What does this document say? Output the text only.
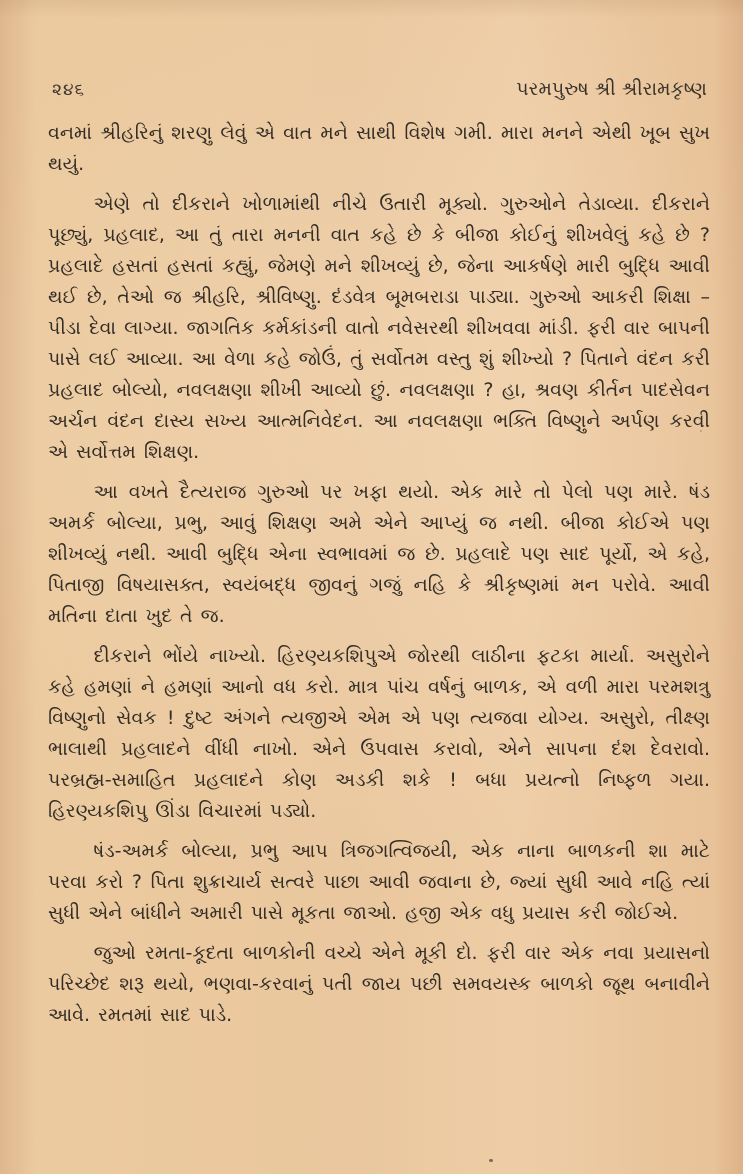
૨૪૬	પરમપુરુષ શ્રી શ્રીરામકૃષ્ણ

વનમાં શ્રીહરિનું શરણુ લેવું એ વાત મને સાથી વિશેષ ગમી. મારા મનને એથી ખૂબ સુખ થયું.

એણે તો દીકરાને ખોળામાંથી નીચે ઉતારી મૂક્યો. ગુરુઓને તેડાવ્યા. દીકરાને પૂછ્યું, પ્રહલાદ, આ તું તારા મનની વાત કહે છે કે બીજા કોઈનું શીખવેલું કહે છે ? પ્રહલાદે હસતાં હસતાં કહ્યું, જેમણે મને શીખવ્યું છે, જેના આકર્ષણે મારી બુદ્ધિ આવી થઈ છે, તેઓ જ શ્રીહરિ, શ્રીવિષ્ણુ. દંડવેત્ર બૂમબરાડા પાડ્યા. ગુરુઓ આકરી શિક્ષા – પીડા દેવા લાગ્યા. જાગતિક કર્મકાંડની વાતો નવેસરથી શીખવવા માંડી. ફરી વાર બાપની પાસે લઈ આવ્યા. આ વેળા કહે જોઉં, તું સર્વોતમ વસ્તુ શું શીખ્યો ? પિતાને વંદન કરી પ્રહલાદ બોલ્યો, નવલક્ષણા શીખી આવ્યો છું. નવલક્ષણા ? હા, શ્રવણ કીર્તન પાદસેવન અર્ચન વંદન દાસ્ય સખ્ય આત્મનિવેદન. આ નવલક્ષણા ભક્તિ વિષ્ણુને અર્પણ કરવી એ સર્વોત્તમ શિક્ષણ.

આ વખતે દૈત્યરાજ ગુરુઓ પર ખફા થયો. એક મારે તો પેલો પણ મારે. ષંડ અમર્ક બોલ્યા, પ્રભુ, આવું શિક્ષણ અમે એને આપ્યું જ નથી. બીજા કોઈએ પણ શીખવ્યું નથી. આવી બુદ્ધિ એના સ્વભાવમાં જ છે. પ્રહલાદે પણ સાદ પૂર્યો, એ કહે, પિતાજી વિષયાસક્ત, સ્વયંબદ્ધ જીવનું ગજું નહિ કે શ્રીકૃષ્ણમાં મન પરોવે. આવી મતિના દાતા ખુદ તે જ.

દીકરાને ભોંયે નાખ્યો. હિરણ્યકશિપુએ જોરથી લાઠીના ફટકા માર્યા. અસુરોને કહે હમણાં ને હમણાં આનો વધ કરો. માત્ર પાંચ વર્ષનું બાળક, એ વળી મારા પરમશત્રુ વિષ્ણુનો સેવક ! દુષ્ટ અંગને ત્યજીએ એમ એ પણ ત્યજવા યોગ્ય. અસુરો, તીક્ષ્ણ ભાલાથી પ્રહલાદને વીંધી નાખો. એને ઉપવાસ કરાવો, એને સાપના દંશ દેવરાવો. પરબ્રહ્મ-સમાહિત પ્રહલાદને કોણ અડકી શકે ! બધા પ્રયત્નો નિષ્ફળ ગયા. હિરણ્યકશિપુ ઊંડા વિચારમાં પડ્યો.

ષંડ-અમર્ક બોલ્યા, પ્રભુ આપ ત્રિજગત્વિજયી, એક નાના બાળકની શા માટે પરવા કરો ? પિતા શુક્રાચાર્ય સત્વરે પાછા આવી જવાના છે, જ્યાં સુધી આવે નહિ ત્યાં સુધી એને બાંધીને અમારી પાસે મૂકતા જાઓ. હજી એક વધુ પ્રયાસ કરી જોઈએ.

જુઓ રમતા-કૂદતા બાળકોની વચ્ચે એને મૂકી દો. ફરી વાર એક નવા પ્રયાસનો પરિચ્છેદ શરૂ થયો, ભણવા-કરવાનું પતી જાય પછી સમવયસ્ક બાળકો જૂથ બનાવીને આવે. રમતમાં સાદ પાડે.
